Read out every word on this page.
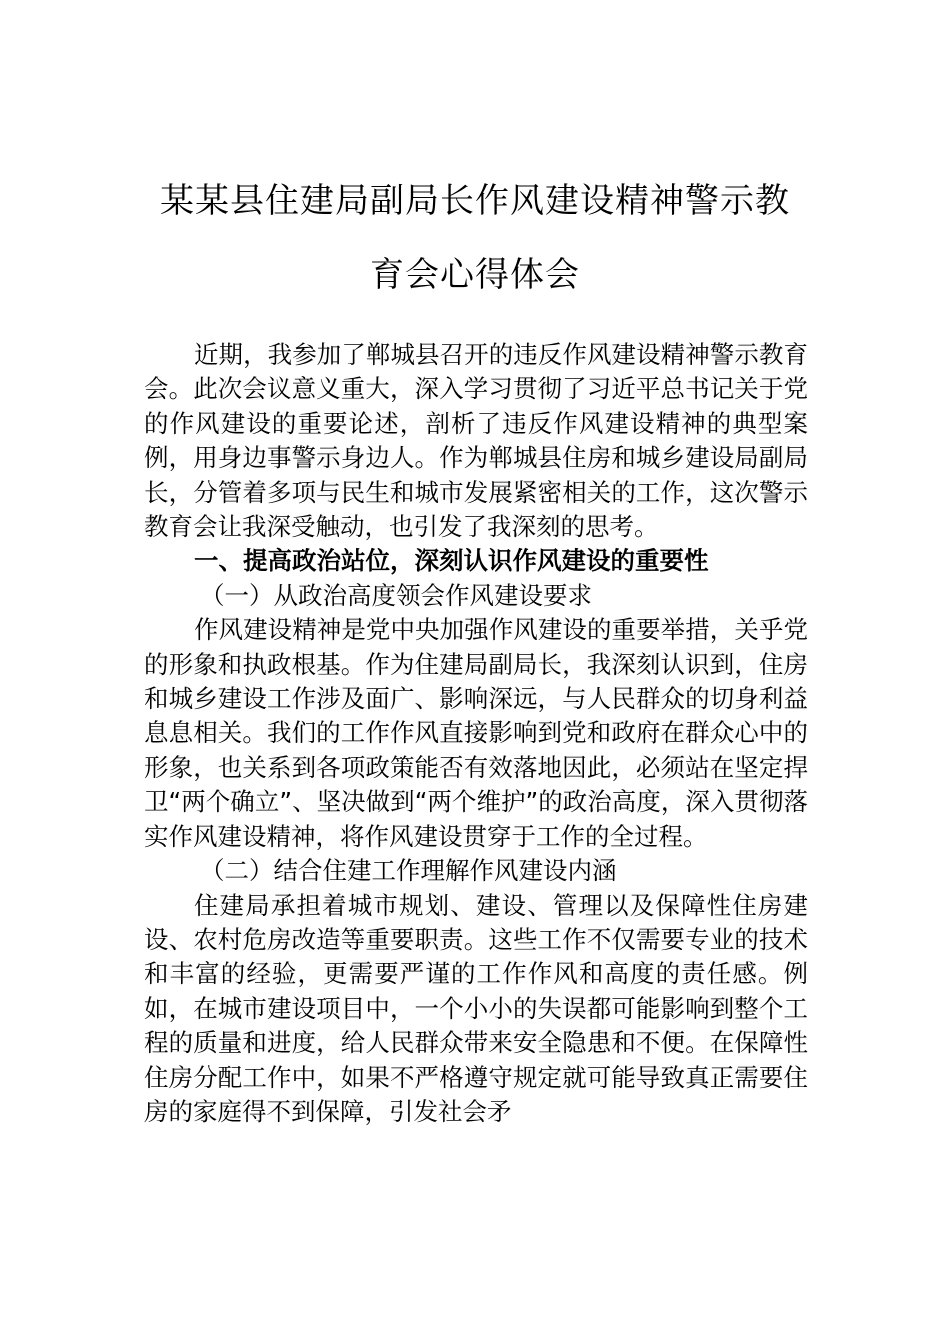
某某县住建局副局长作风建设精神警示教
育会心得体会

近期，我参加了郸城县召开的违反作风建设精神警示教育会。此次会议意义重大，深入学习贯彻了习近平总书记关于党的作风建设的重要论述，剖析了违反作风建设精神的典型案例，用身边事警示身边人。作为郸城县住房和城乡建设局副局长，分管着多项与民生和城市发展紧密相关的工作，这次警示教育会让我深受触动，也引发了我深刻的思考。

一、提高政治站位，深刻认识作风建设的重要性

（一）从政治高度领会作风建设要求

作风建设精神是党中央加强作风建设的重要举措，关乎党的形象和执政根基。作为住建局副局长，我深刻认识到，住房和城乡建设工作涉及面广、影响深远，与人民群众的切身利益息息相关。我们的工作作风直接影响到党和政府在群众心中的形象，也关系到各项政策能否有效落地因此，必须站在坚定捍卫“两个确立”、坚决做到“两个维护”的政治高度，深入贯彻落实作风建设精神，将作风建设贯穿于工作的全过程。

（二）结合住建工作理解作风建设内涵

住建局承担着城市规划、建设、管理以及保障性住房建设、农村危房改造等重要职责。这些工作不仅需要专业的技术和丰富的经验，更需要严谨的工作作风和高度的责任感。例如，在城市建设项目中，一个小小的失误都可能影响到整个工程的质量和进度，给人民群众带来安全隐患和不便。在保障性住房分配工作中，如果不严格遵守规定就可能导致真正需要住房的家庭得不到保障，引发社会矛
